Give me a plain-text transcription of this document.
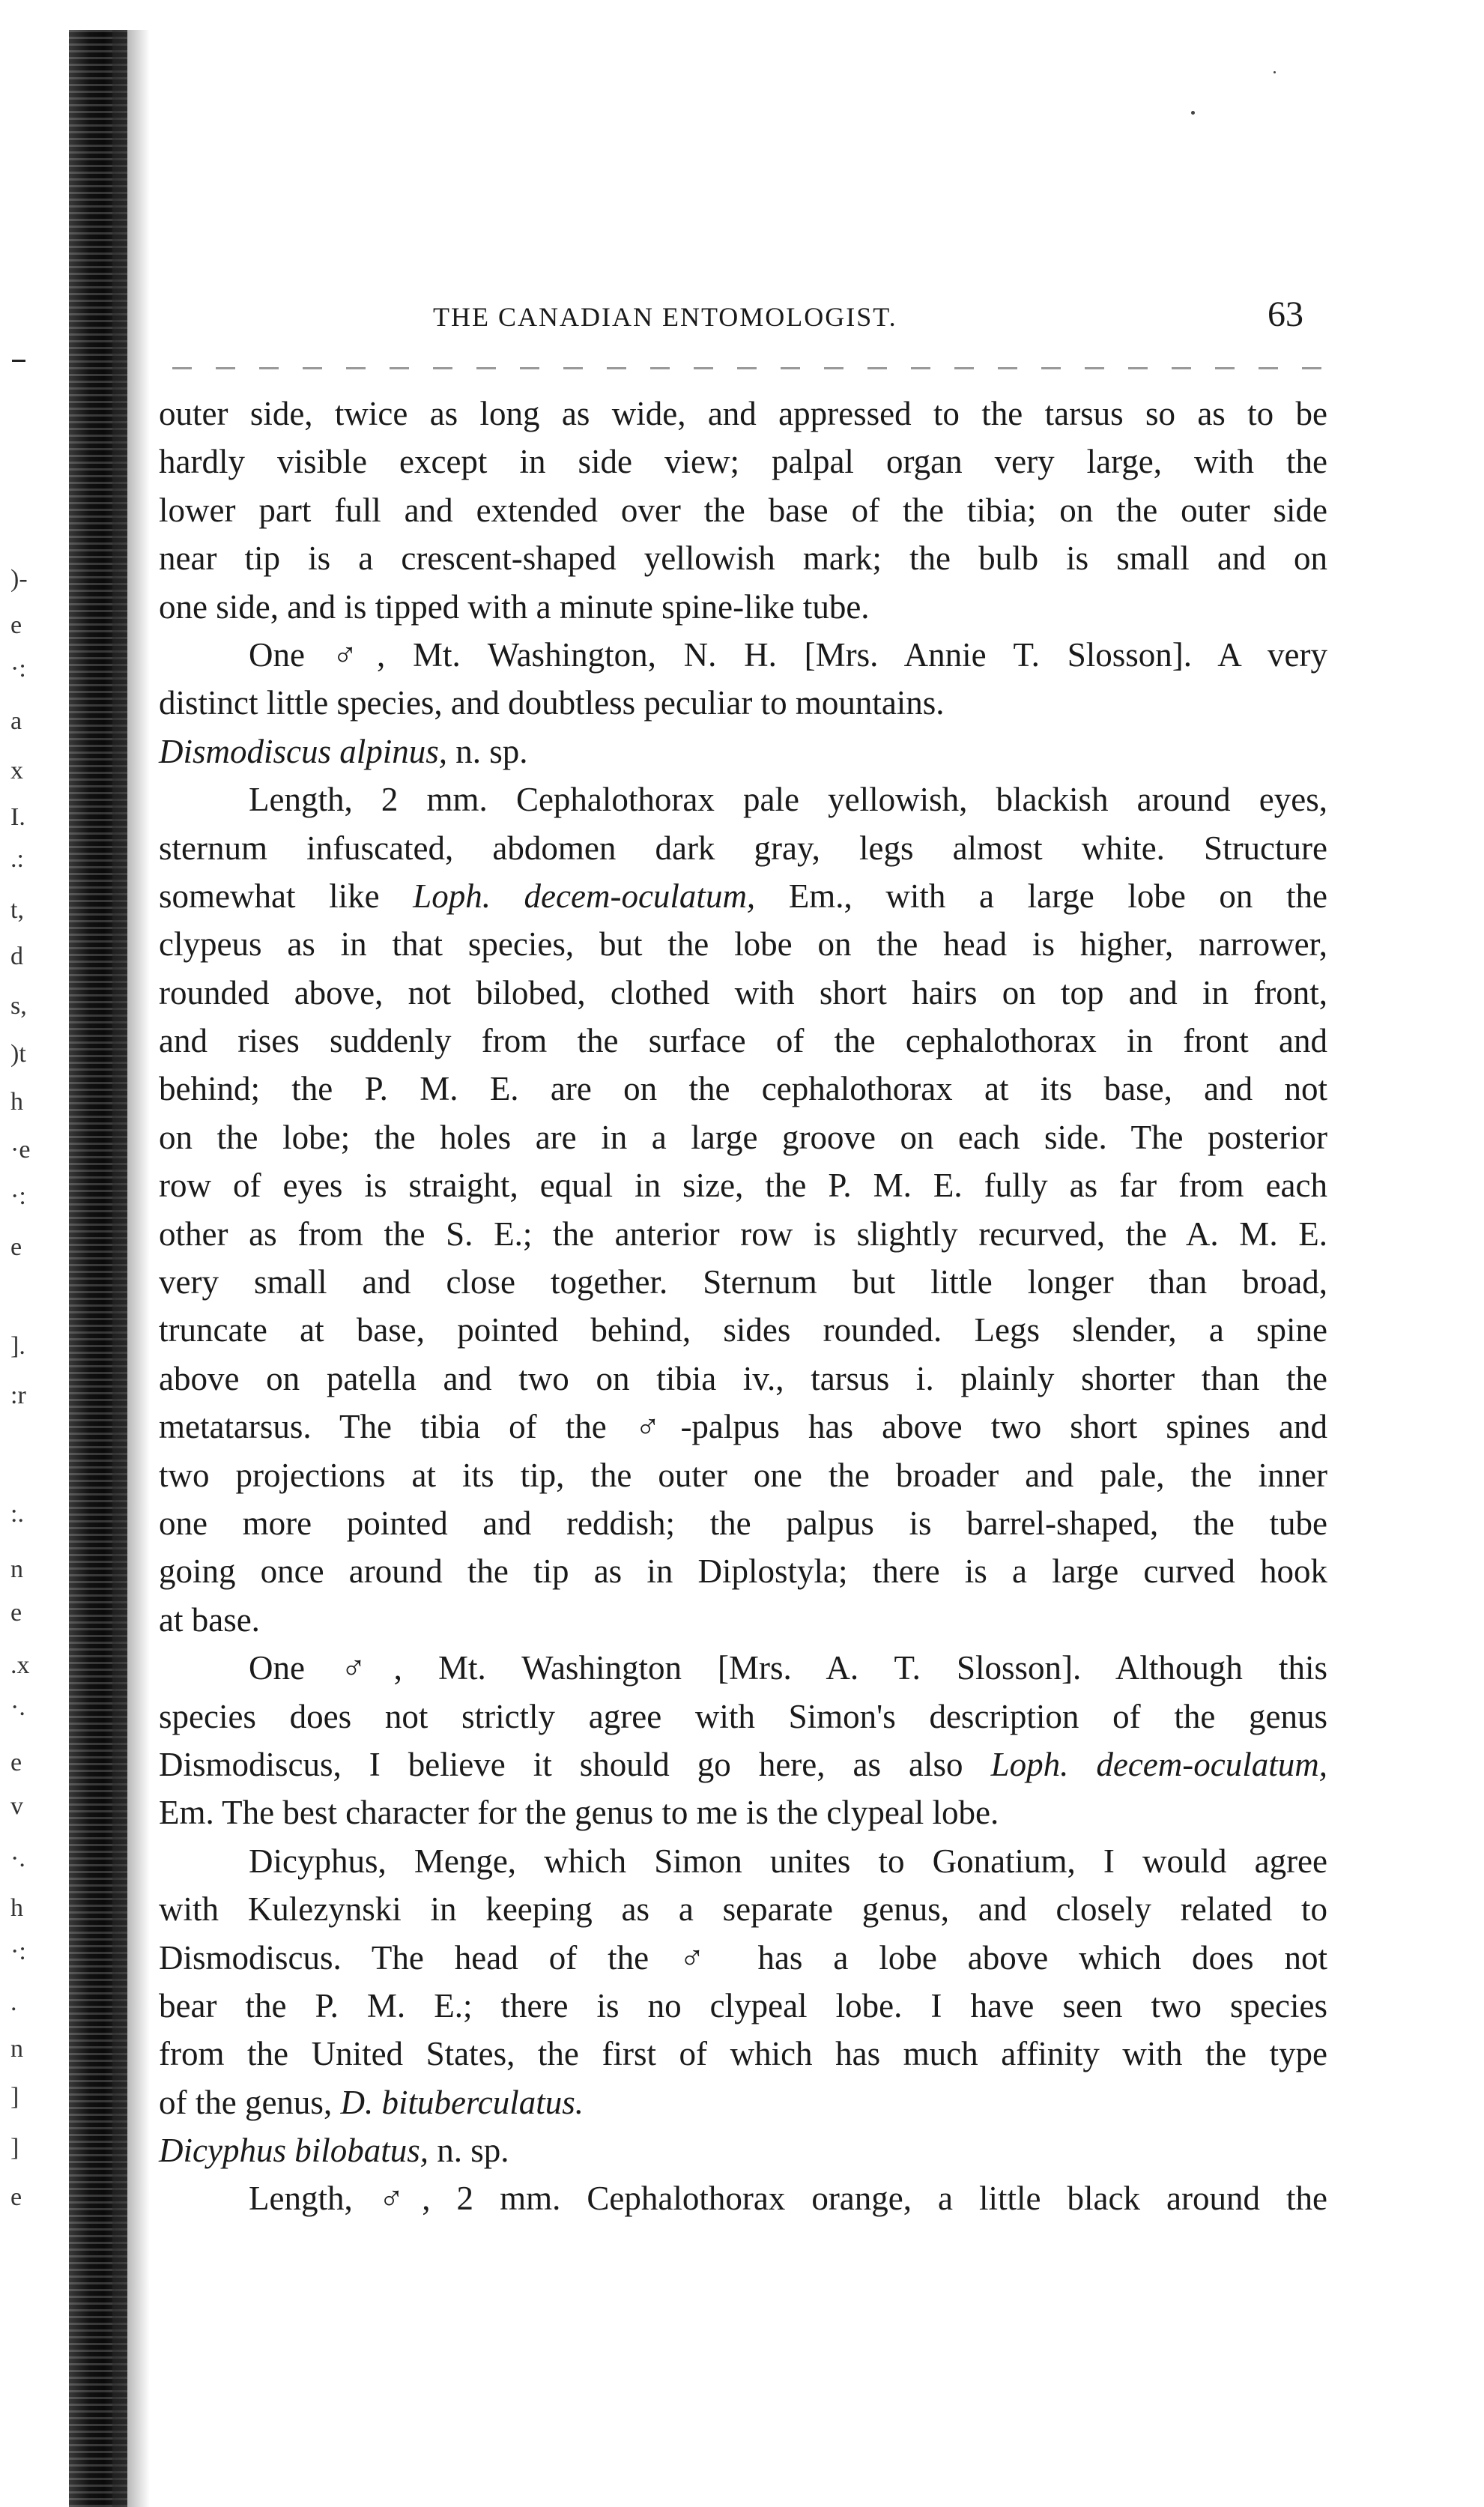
)-
e
·:
a
x
I.
.:
t,
d
s,
)t
h
·e
·:
e
].
:r
:.
n
e
.x
·.
e
v
·.
h
·:
.
n
]
]
e
THE CANADIAN ENTOMOLOGIST.	63
outer side, twice as long as wide, and appressed to the tarsus so as to be
hardly visible except in side view; palpal organ very large, with the
lower part full and extended over the base of the tibia; on the outer side
near tip is a crescent-shaped yellowish mark; the bulb is small and on
one side, and is tipped with a minute spine-like tube.
One ♂, Mt. Washington, N. H. [Mrs. Annie T. Slosson]. A very
distinct little species, and doubtless peculiar to mountains.
Dismodiscus alpinus, n. sp.
Length, 2 mm. Cephalothorax pale yellowish, blackish around eyes,
sternum infuscated, abdomen dark gray, legs almost white. Structure
somewhat like Loph. decem-oculatum, Em., with a large lobe on the
clypeus as in that species, but the lobe on the head is higher, narrower,
rounded above, not bilobed, clothed with short hairs on top and in front,
and rises suddenly from the surface of the cephalothorax in front and
behind; the P. M. E. are on the cephalothorax at its base, and not
on the lobe; the holes are in a large groove on each side. The posterior
row of eyes is straight, equal in size, the P. M. E. fully as far from each
other as from the S. E.; the anterior row is slightly recurved, the A. M. E.
very small and close together. Sternum but little longer than broad,
truncate at base, pointed behind, sides rounded. Legs slender, a spine
above on patella and two on tibia iv., tarsus i. plainly shorter than the
metatarsus. The tibia of the ♂-palpus has above two short spines and
two projections at its tip, the outer one the broader and pale, the inner
one more pointed and reddish; the palpus is barrel-shaped, the tube
going once around the tip as in Diplostyla; there is a large curved hook
at base.
One ♂, Mt. Washington [Mrs. A. T. Slosson]. Although this
species does not strictly agree with Simon's description of the genus
Dismodiscus, I believe it should go here, as also Loph. decem-oculatum,
Em. The best character for the genus to me is the clypeal lobe.
Dicyphus, Menge, which Simon unites to Gonatium, I would agree
with Kulezynski in keeping as a separate genus, and closely related to
Dismodiscus. The head of the ♂ has a lobe above which does not
bear the P. M. E.; there is no clypeal lobe. I have seen two species
from the United States, the first of which has much affinity with the type
of the genus, D. bituberculatus.
Dicyphus bilobatus, n. sp.
Length, ♂, 2 mm. Cephalothorax orange, a little black around the
